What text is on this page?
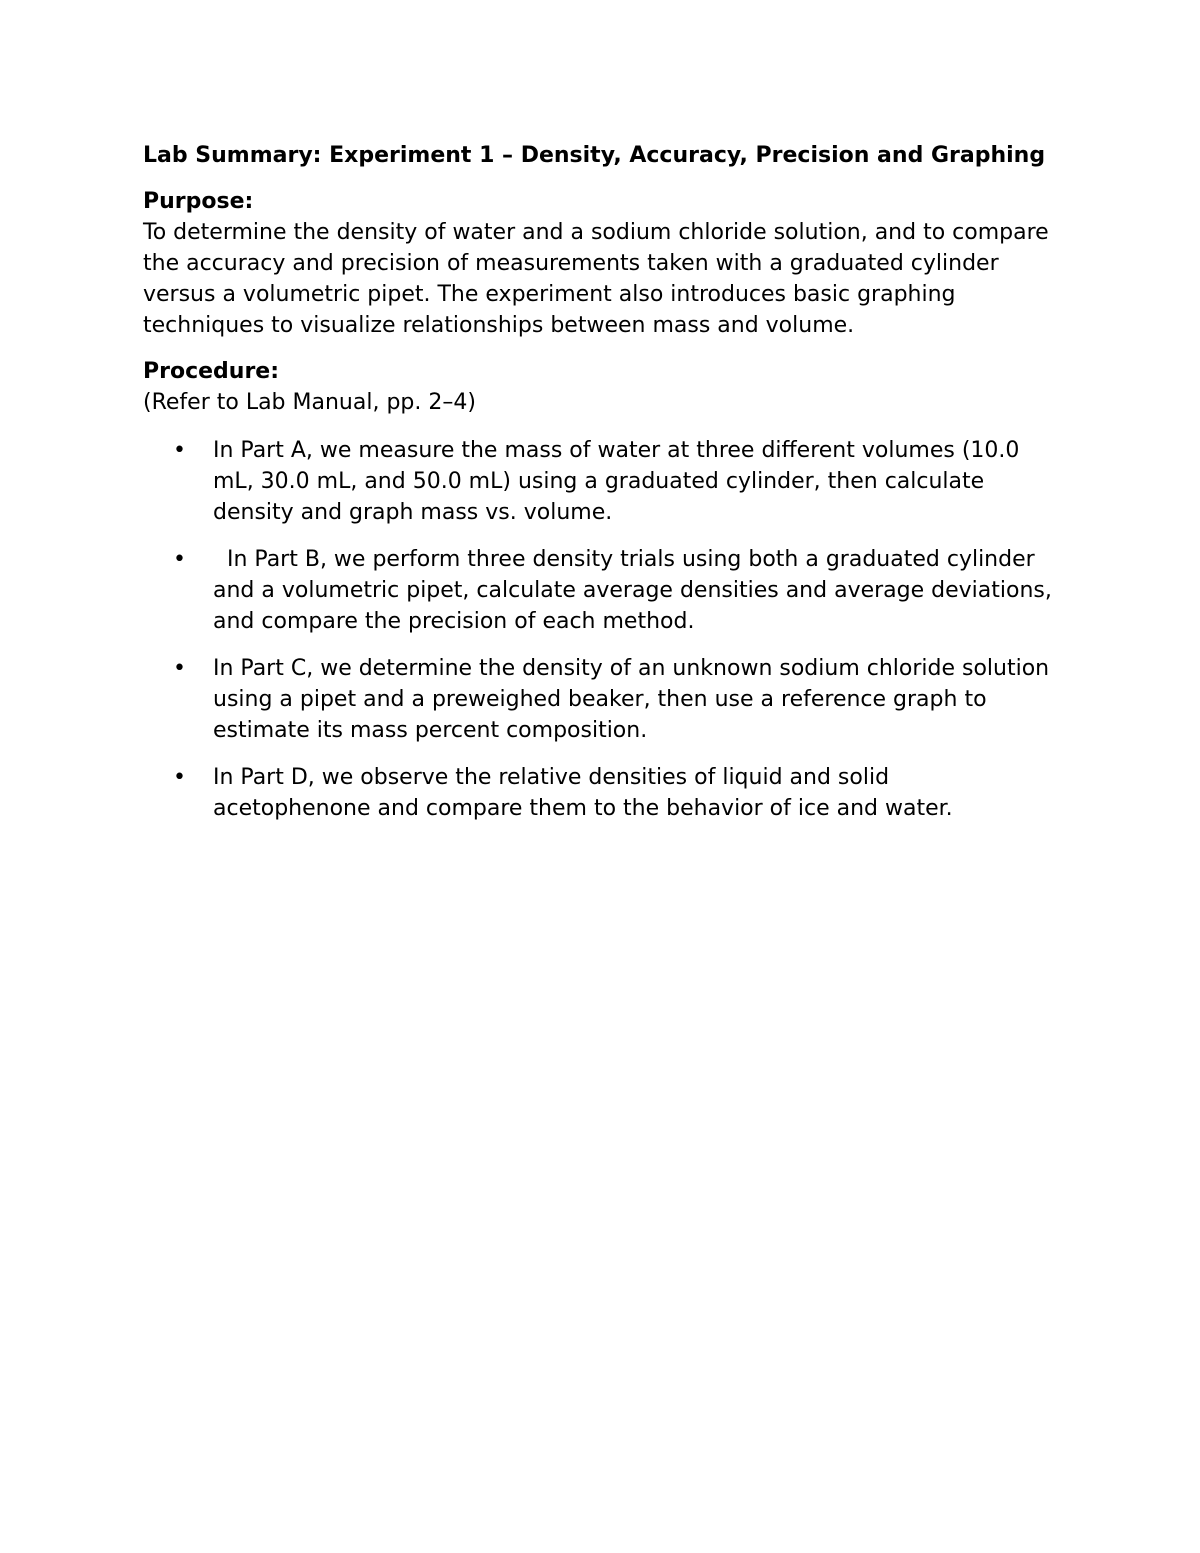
Lab Summary: Experiment 1 – Density, Accuracy, Precision and Graphing

Purpose:

To determine the density of water and a sodium chloride solution, and to compare the accuracy and precision of measurements taken with a graduated cylinder versus a volumetric pipet. The experiment also introduces basic graphing techniques to visualize relationships between mass and volume.

Procedure:

(Refer to Lab Manual, pp. 2–4)

•	In Part A, we measure the mass of water at three different volumes (10.0 mL, 30.0 mL, and 50.0 mL) using a graduated cylinder, then calculate density and graph mass vs. volume.
•	In Part B, we perform three density trials using both a graduated cylinder and a volumetric pipet, calculate average densities and average deviations, and compare the precision of each method.
•	In Part C, we determine the density of an unknown sodium chloride solution using a pipet and a preweighed beaker, then use a reference graph to estimate its mass percent composition.
•	In Part D, we observe the relative densities of liquid and solid acetophenone and compare them to the behavior of ice and water.
